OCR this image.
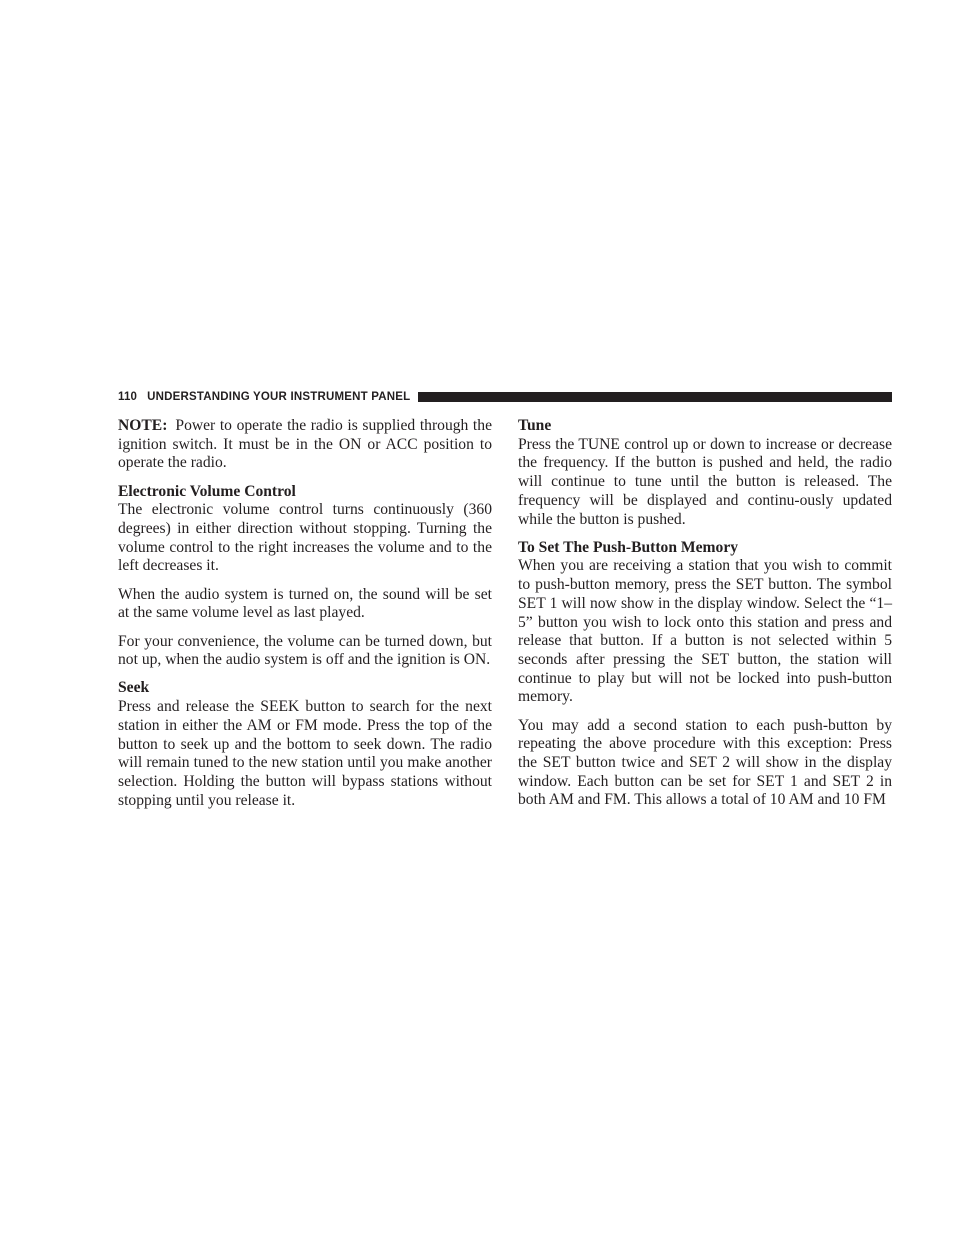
110 UNDERSTANDING YOUR INSTRUMENT PANEL

NOTE: Power to operate the radio is supplied through the ignition switch. It must be in the ON or ACC position to operate the radio.

Electronic Volume Control

The electronic volume control turns continuously (360 degrees) in either direction without stopping. Turning the volume control to the right increases the volume and to the left decreases it.

When the audio system is turned on, the sound will be set at the same volume level as last played.

For your convenience, the volume can be turned down, but not up, when the audio system is off and the ignition is ON.

Seek

Press and release the SEEK button to search for the next station in either the AM or FM mode. Press the top of the button to seek up and the bottom to seek down. The radio will remain tuned to the new station until you make another selection. Holding the button will bypass stations without stopping until you release it.

Tune

Press the TUNE control up or down to increase or decrease the frequency. If the button is pushed and held, the radio will continue to tune until the button is released. The frequency will be displayed and continu-ously updated while the button is pushed.

To Set The Push-Button Memory

When you are receiving a station that you wish to commit to push-button memory, press the SET button. The symbol SET 1 will now show in the display window. Select the “1–5” button you wish to lock onto this station and press and release that button. If a button is not selected within 5 seconds after pressing the SET button, the station will continue to play but will not be locked into push-button memory.

You may add a second station to each push-button by repeating the above procedure with this exception: Press the SET button twice and SET 2 will show in the display window. Each button can be set for SET 1 and SET 2 in both AM and FM. This allows a total of 10 AM and 10 FM
